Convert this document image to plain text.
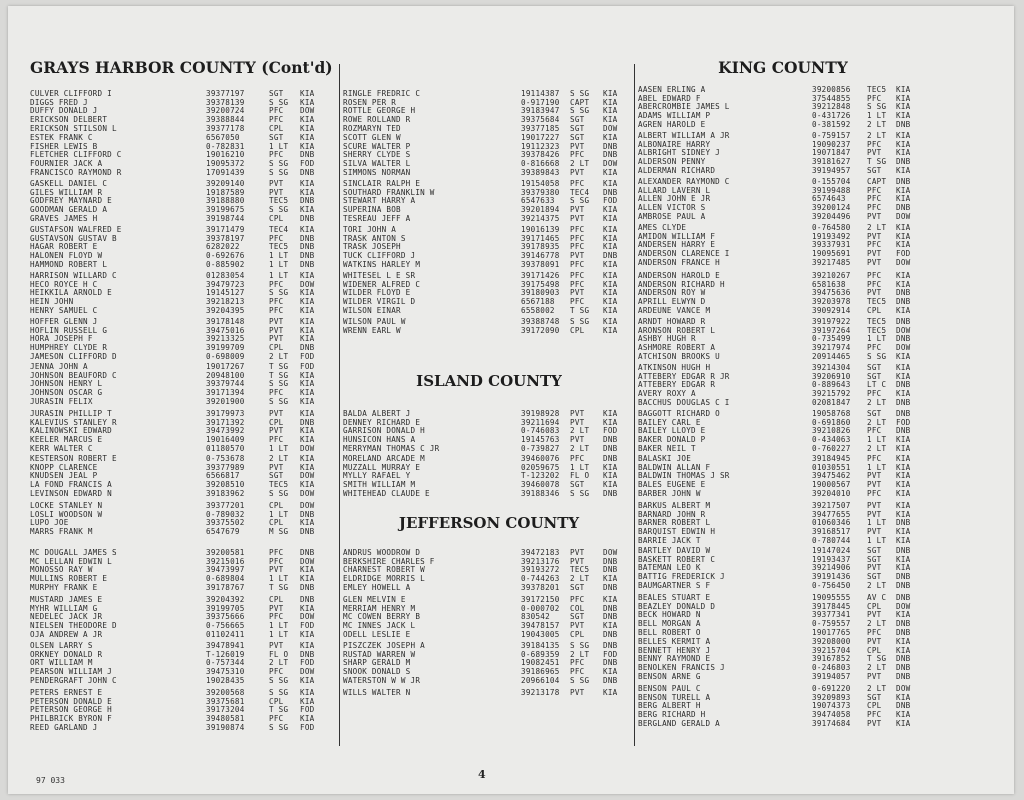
GRAYS HARBOR COUNTY (Cont'd)
CULVER CLIFFORD I	39377197	SGT KIA
DIGGS FRED J	39378139	S SG KIA
DUFFY DONALD J	39200724	PFC DOW
ERICKSON DELBERT	39388844	PFC KIA
ERICKSON STILSON L	39377178	CPL KIA
ESTEK FRANK C	6567050	SGT KIA
FISHER LEWIS B	0-782831	1 LT KIA
FLETCHER CLIFFORD C	19016210	PFC DNB
FOURNIER JACK A	19095372	S SG FOD
FRANCISCO RAYMOND R	17091439	S SG DNB
GASKELL DANIEL C	39209140	PVT KIA
GILES WILLIAM R	19187589	PVT KIA
GODFREY MAYNARD E	39188880	TEC5 DNB
GOODMAN GERALD A	39199675	S SG KIA
GRAVES JAMES H	39198744	CPL DNB
GUSTAFSON WALFRED E	39171479	TEC4 KIA
GUSTAVSON GUSTAV B	39378197	PFC DNB
HAGAR ROBERT E	6282022	TEC5 DNB
HALONEN FLOYD W	0-692676	1 LT DNB
HAMMOND ROBERT L	0-885902	1 LT DNB
HARRISON WILLARD C	01283054	1 LT KIA
HECO ROYCE H C	39479723	PFC DOW
HEIKKILA ARNOLD E	19145127	S SG KIA
HEIN JOHN	39218213	PFC KIA
HENRY SAMUEL C	39204395	PFC KIA
HOFFER GLENN J	39178148	PVT KIA
HOFLIN RUSSELL G	39475016	PVT KIA
HORA JOSEPH F	39213325	PVT KIA
HUMPHREY CLYDE R	39199709	CPL DNB
JAMESON CLIFFORD D	0-698009	2 LT FOD
JENNA JOHN A	19017267	T SG FOD
JOHNSON BEAUFORD C	20948100	T SG KIA
JOHNSON HENRY L	39379744	S SG KIA
JOHNSON OSCAR G	39171394	PFC KIA
JURASIN FELIX	39201900	S SG KIA
JURASIN PHILLIP T	39179973	PVT KIA
KALEVIUS STANLEY R	39171392	CPL DNB
KALINOWSKI EDWARD	39473992	PVT KIA
KEELER MARCUS E	19016409	PFC KIA
KERR WALTER C	01180570	1 LT DOW
KESTERSON ROBERT E	0-753678	2 LT KIA
KNOPP CLARENCE	39377989	PVT KIA
KNUDSEN JEAL P	6566817	SGT DOW
LA FOND FRANCIS A	39208510	TEC5 KIA
LEVINSON EDWARD N	39183962	S SG DOW
LOCKE STANLEY N	39377201	CPL DOW
LOSLI WOODSON W	0-789032	1 LT DNB
LUPO JOE	39375502	CPL KIA
MARRS FRANK M	6547679	M SG DNB
MC DOUGALL JAMES S	39200581	PFC DNB
MC LELLAN EDWIN L	39215016	PFC DOW
MONOSSO RAY W	39473997	PVT KIA
MULLINS ROBERT E	0-689804	1 LT KIA
MURPHY FRANK E	39178767	T SG DNB
MUSTARD JAMES E	39204392	CPL DNB
MYHR WILLIAM G	39199705	PVT KIA
NEDELEC JACK JR	39375666	PFC DOW
NIELSEN THEODORE D	0-756665	1 LT FOD
OJA ANDREW A JR	01102411	1 LT KIA
OLSEN LARRY S	39478941	PVT KIA
ORKNEY DONALD R	T-126019	FL O DNB
ORT WILLIAM M	0-757344	2 LT FOD
PEARSON WILLIAM J	39475310	PFC DOW
PENDERGRAFT JOHN C	19028435	S SG KIA
PETERS ERNEST E	39200568	S SG KIA
PETERSON DONALD E	39375681	CPL KIA
PETERSON GEORGE H	39173204	T SG FOD
PHILBRICK BYRON F	39480581	PFC KIA
REED GARLAND J	39190874	S SG FOD
ISLAND COUNTY
JEFFERSON COUNTY
RINGLE FREDRIC C	19114387 S SG KIA
ROSEN PER R	0-917190 CAPT KIA
ROTTLE GEORGE H	39183947 S SG KIA
ROWE ROLLAND R	39375684 SGT KIA
ROZMARYN TED	39377185 SGT DOW
SCOTT GLEN W	19017227 SGT KIA
SCURE WALTER P	19112323 PVT DNB
SHERRY CLYDE S	39378426 PFC DNB
SILVA WALTER L	0-816668 2 LT DOW
SIMMONS NORMAN	39389843 PVT KIA
SINCLAIR RALPH E	19154058 PFC KIA
SOUTHARD FRANKLIN W	39379380 TEC4 DNB
STEWART HARRY A	6547633 S SG FOD
SUPERINA BOB	39201894 PVT KIA
TESREAU JEFF A	39214375 PVT KIA
TORI JOHN A	19016139 PFC KIA
TRASK ANTON S	39171465 PFC KIA
TRASK JOSEPH	39178935 PFC KIA
TUCK CLIFFORD J	39146778 PVT DNB
WATKINS HARLEY M	39378091 PFC KIA
WHITESEL L E SR	39171426 PFC KIA
WIDENER ALFRED C	39175498 PFC KIA
WILDER FLOYD E	39180903 PVT KIA
WILDER VIRGIL D	6567188 PFC KIA
WILSON EINAR	6558002 T SG KIA
WILSON PAUL W	39388748 S SG KIA
WRENN EARL W	39172090 CPL KIA
BALDA ALBERT J	39198928 PVT KIA
DENNEY RICHARD E	39211694 PVT KIA
GARRISON DONALD H	0-746083 2 LT FOD
HUNSICON HANS A	19145763 PVT DNB
MERRYMAN THOMAS C JR	0-739827 2 LT DNB
MORELAND ARCADE M	39460076 PFC DNB
MUZZALL MURRAY E	02059675 1 LT KIA
MYLLY RAFAEL Y	T-123202 FL O KIA
SMITH WILLIAM M	39460078 SGT KIA
WHITEHEAD CLAUDE E	39188346 S SG DNB
ANDRUS WOODROW D	39472183 PVT DOW
BERKSHIRE CHARLES F	39213176 PVT DNB
CHARNEST ROBERT W	39193272 TEC5 DNB
ELDRIDGE MORRIS L	0-744263 2 LT KIA
EMLEY HOWELL A	39378201 SGT DNB
GLEN MELVIN E	39172150 PFC KIA
MERRIAM HENRY M	0-000702 COL DNB
MC COWEN BERRY B	830542	SGT DNB
MC INNES JACK L	39478157 PVT KIA
ODELL LESLIE E	19043005 CPL DNB
PISZCZEK JOSEPH A	39184135 S SG DNB
RUSTAD WARREN W	0-689359 2 LT FOD
SHARP GERALD M	19082451 PFC DNB
SNOOK DONALD S	39186965 PFC KIA
WATERSTON W W JR	20966104 S SG DNB
WILLS WALTER N	39213178 PVT KIA
KING COUNTY
AASEN ERLING A	39200856 TEC5 KIA
ABEL EDWARD F	37544855 PFC KIA
ABERCROMBIE JAMES L	39212848 S SG KIA
ADAMS WILLIAM P	0-431726 1 LT KIA
AGREN HAROLD E	0-381592 2 LT DNB
ALBERT WILLIAM A JR	0-759157 2 LT KIA
ALBONAIRE HARRY	19090237 PFC KIA
ALBRIGHT SIDNEY J	19071847 PVT KIA
ALDERSON PENNY	39181627 T SG DNB
ALDERMAN RICHARD	39194957 SGT KIA
ALEXANDER RAYMOND C	0-155704 CAPT DNB
ALLARD LAVERN L	39199488 PFC KIA
ALLEN JOHN E JR	6574643	PFC KIA
ALLEN VICTOR S	39200124 PFC DNB
AMBROSE PAUL A	39204496 PVT DOW
AMES CLYDE	0-764580 2 LT KIA
AMIDON WILLIAM F	19193492 PVT KIA
ANDERSEN HARRY E	39337931 PFC KIA
ANDERSON CLARENCE I	19095691 PVT FOD
ANDERSON FRANCE H	39217485 PVT DOW
ANDERSON HAROLD E	39210267 PFC KIA
ANDERSON RICHARD H	6581638	PFC KIA
ANDERSON ROY W	39475636 PVT DNB
APRILL ELWYN D	39203978 TEC5 DNB
ARDEUNE VANCE M	39092914 CPL KIA
ARNDT HOWARD R	39197922 TEC5 DNB
ARONSON ROBERT L	39197264 TEC5 DOW
ASHBY HUGH R	0-735499 1 LT DNB
ASHMORE ROBERT A	39217974 PFC DOW
ATCHISON BROOKS U	20914465 S SG KIA
ATKINSON HUGH H	39214304 SGT KIA
ATTEBERY EDGAR R JR	39206910 SGT KIA
ATTEBERY EDGAR R	0-889643 LT C DNB
AVERY ROXY A	39215792 PFC KIA
BACCHUS DOUGLAS C I	02081847 2 LT DNB
BAGGOTT RICHARD O	19058768 SGT DNB
BAILEY CARL E	0-691860 2 LT FOD
BAILEY LLOYD E	39210826 PFC DNB
BAKER DONALD P	0-434063 1 LT KIA
BAKER NEIL T	0-760227 2 LT KIA
BALASKI JOE	39184945 PFC KIA
BALDWIN ALLAN F	01030551 1 LT KIA
BALDWIN THOMAS J SR	39475462 PVT KIA
BALES EUGENE E	19000567 PVT KIA
BARBER JOHN W	39204010 PFC KIA
BARKUS ALBERT M	39217507 PVT KIA
BARNARD JOHN R	39477655 PVT KIA
BARNER ROBERT L	01060346 1 LT DNB
BARQUIST EDWIN H	39168517 PVT KIA
BARRIE JACK T	0-780744 1 LT KIA
BARTLEY DAVID W	19147024 SGT DNB
BASKETT ROBERT C	19193437 SGT KIA
BATEMAN LEO K	39214906 PVT KIA
BATTIG FREDERICK J	39191436 SGT DNB
BAUMGARTNER S F	0-756450 2 LT DNB
BEALES STUART E	19095555 AV C DNB
BEAZLEY DONALD D	39178445 CPL DOW
BECK HOWARD N	39377341 PVT KIA
BELL MORGAN A	0-759557 2 LT DNB
BELL ROBERT O	19017765 PFC DNB
BELLES KERMIT A	39208000 PVT KIA
BENNETT HENRY J	39215704 CPL KIA
BENNY RAYMOND E	39167852 T SG DNB
BENOLKEN FRANCIS J	0-246803 2 LT DNB
BENSON ARNE G	39194057 PVT DNB
BENSON PAUL C	0-691220 2 LT DOW
BENSON TURELL A	39209893 SGT KIA
BERG ALBERT H	19074373 CPL DNB
BERG RICHARD H	39474058 PFC KIA
BERGLAND GERALD A	39174684 PVT KIA
97 033	4
